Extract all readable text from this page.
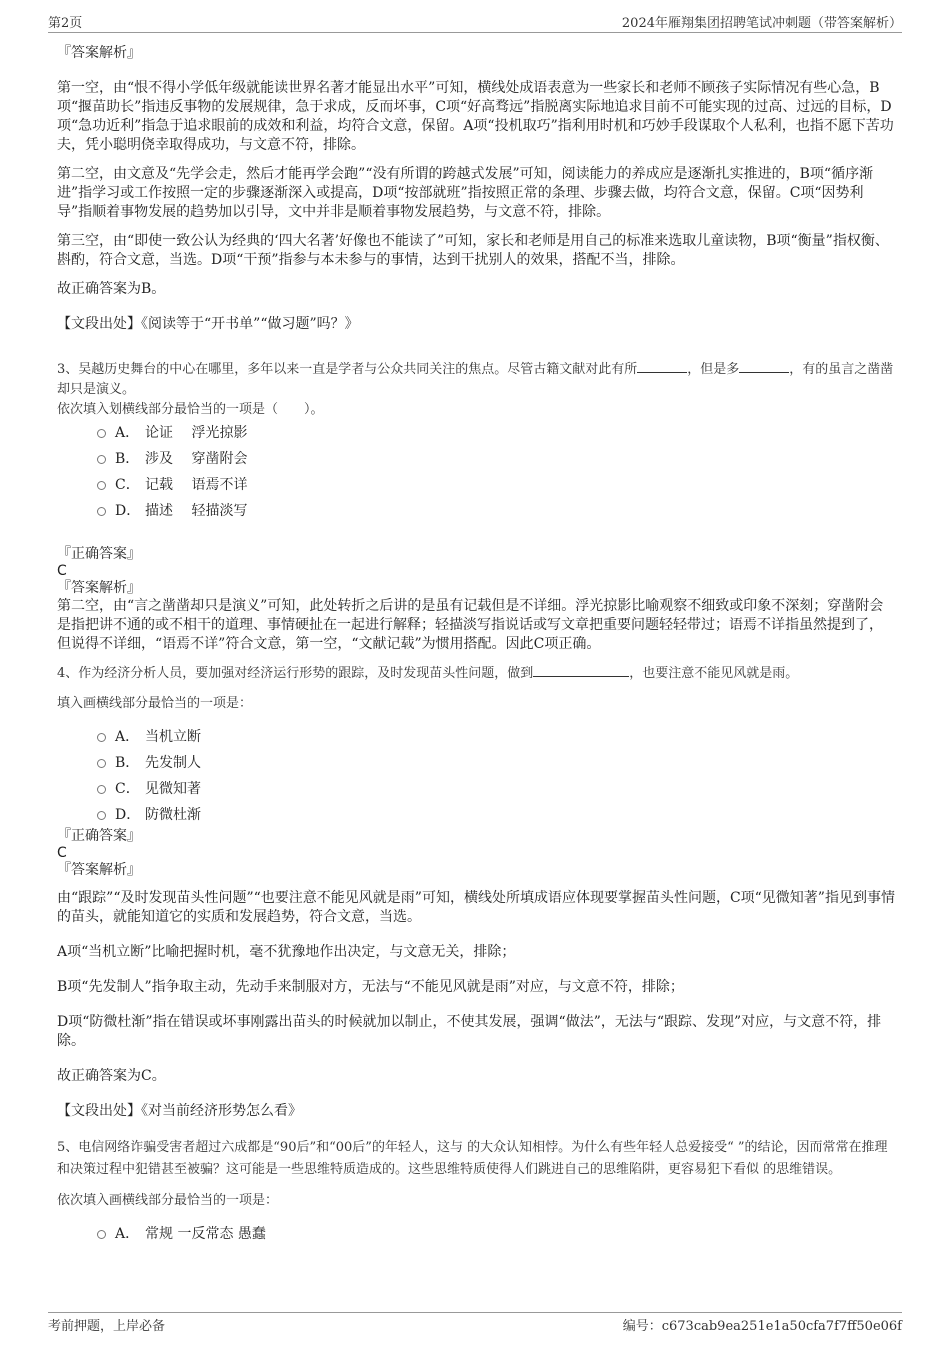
第2页	2024年雁翔集团招聘笔试冲刺题（带答案解析）

『答案解析』

第一空，由“恨不得小学低年级就能读世界名著才能显出水平”可知，横线处成语表意为一些家长和老师不顾孩子实际情况有些心急，B项“揠苗助长”指违反事物的发展规律，急于求成，反而坏事，C项“好高骛远”指脱离实际地追求目前不可能实现的过高、过远的目标，D项“急功近利”指急于追求眼前的成效和利益，均符合文意，保留。A项“投机取巧”指利用时机和巧妙手段谋取个人私利，也指不愿下苦功夫，凭小聪明侥幸取得成功，与文意不符，排除。

第二空，由文意及“先学会走，然后才能再学会跑”“没有所谓的跨越式发展”可知，阅读能力的养成应是逐渐扎实推进的，B项“循序渐进”指学习或工作按照一定的步骤逐渐深入或提高，D项“按部就班”指按照正常的条理、步骤去做，均符合文意，保留。C项“因势利导”指顺着事物发展的趋势加以引导，文中并非是顺着事物发展趋势，与文意不符，排除。

第三空，由“即使一致公认为经典的‘四大名著’好像也不能读了”可知，家长和老师是用自己的标准来选取儿童读物，B项“衡量”指权衡、斟酌，符合文意，当选。D项“干预”指参与本未参与的事情，达到干扰别人的效果，搭配不当，排除。

故正确答案为B。

【文段出处】《阅读等于“开书单”“做习题”吗？》

3、吴越历史舞台的中心在哪里，多年以来一直是学者与公众共同关注的焦点。尽管古籍文献对此有所	，但是多	，有的虽言之凿凿却只是演义。

依次填入划横线部分最恰当的一项是（　　）。

A． 论证　 浮光掠影
B． 涉及　 穿凿附会
C． 记载　 语焉不详
D． 描述　 轻描淡写

『正确答案』

C

『答案解析』

第二空，由“言之凿凿却只是演义”可知，此处转折之后讲的是虽有记载但是不详细。浮光掠影比喻观察不细致或印象不深刻；穿凿附会是指把讲不通的或不相干的道理、事情硬扯在一起进行解释；轻描淡写指说话或写文章把重要问题轻轻带过；语焉不详指虽然提到了，但说得不详细，“语焉不详”符合文意，第一空，“文献记载”为惯用搭配。因此C项正确。

4、作为经济分析人员，要加强对经济运行形势的跟踪，及时发现苗头性问题，做到	，也要注意不能见风就是雨。

填入画横线部分最恰当的一项是：

A． 当机立断
B． 先发制人
C． 见微知著
D． 防微杜渐

『正确答案』

C

『答案解析』

由“跟踪”“及时发现苗头性问题”“也要注意不能见风就是雨”可知，横线处所填成语应体现要掌握苗头性问题，C项“见微知著”指见到事情的苗头，就能知道它的实质和发展趋势，符合文意，当选。

A项“当机立断”比喻把握时机，毫不犹豫地作出决定，与文意无关，排除；

B项“先发制人”指争取主动，先动手来制服对方，无法与“不能见风就是雨”对应，与文意不符，排除；

D项“防微杜渐”指在错误或坏事刚露出苗头的时候就加以制止，不使其发展，强调“做法”，无法与“跟踪、发现”对应，与文意不符，排除。

故正确答案为C。

【文段出处】《对当前经济形势怎么看》

5、电信网络诈骗受害者超过六成都是“90后”和“00后”的年轻人，这与 的大众认知相悖。为什么有些年轻人总爱接受“ ”的结论，因而常常在推理和决策过程中犯错甚至被骗？这可能是一些思维特质造成的。这些思维特质使得人们跳进自己的思维陷阱，更容易犯下看似 的思维错误。

依次填入画横线部分最恰当的一项是：

A． 常规 一反常态 愚蠢
考前押题，上岸必备	编号：c673cab9ea251e1a50cfa7f7ff50e06f
